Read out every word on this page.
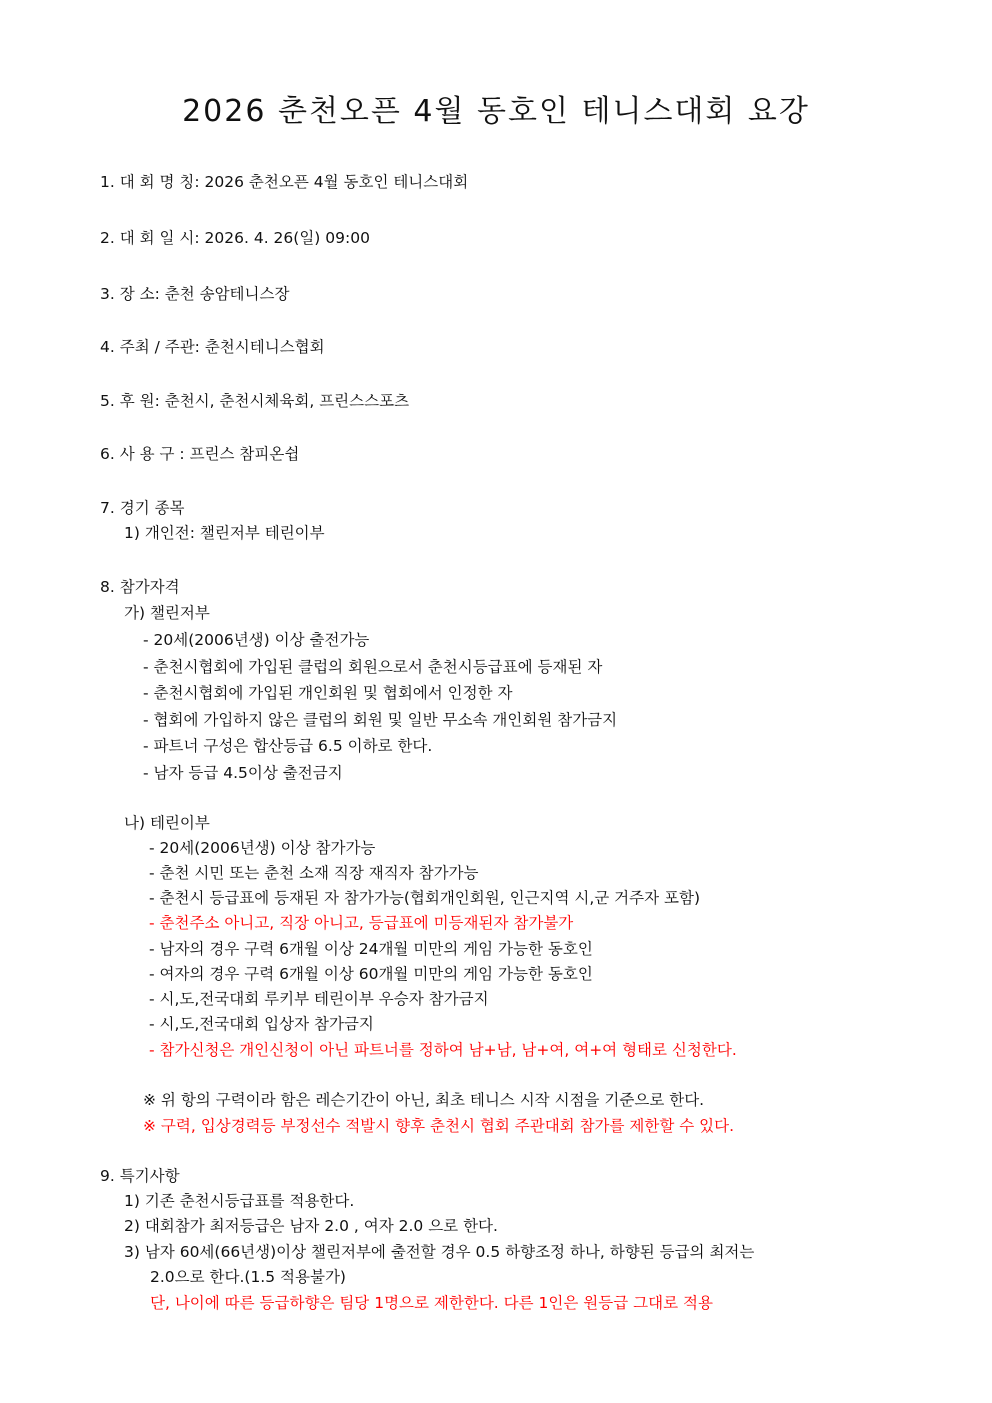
2026 춘천오픈 4월 동호인 테니스대회 요강
1. 대 회 명 칭: 2026 춘천오픈 4월 동호인 테니스대회
2. 대 회 일 시: 2026. 4. 26(일) 09:00
3. 장 소: 춘천 송암테니스장
4. 주최 / 주관: 춘천시테니스협회
5. 후 원: 춘천시, 춘천시체육회, 프린스스포츠
6. 사 용 구 : 프린스 참피온쉽
7. 경기 종목
1) 개인전: 챌린저부 테린이부
8. 참가자격
가) 챌린저부
- 20세(2006년생) 이상 출전가능
- 춘천시협회에 가입된 클럽의 회원으로서 춘천시등급표에 등재된 자
- 춘천시협회에 가입된 개인회원 및 협회에서 인정한 자
- 협회에 가입하지 않은 클럽의 회원 및 일반 무소속 개인회원 참가금지
- 파트너 구성은 합산등급 6.5 이하로 한다.
- 남자 등급 4.5이상 출전금지
나) 테린이부
- 20세(2006년생) 이상 참가가능
- 춘천 시민 또는 춘천 소재 직장 재직자 참가가능
- 춘천시 등급표에 등재된 자 참가가능(협회개인회원, 인근지역 시,군 거주자 포함)
- 춘천주소 아니고, 직장 아니고, 등급표에 미등재된자 참가불가
- 남자의 경우 구력 6개월 이상 24개월 미만의 게임 가능한 동호인
- 여자의 경우 구력 6개월 이상 60개월 미만의 게임 가능한 동호인
- 시,도,전국대회 루키부 테린이부 우승자 참가금지
- 시,도,전국대회 입상자 참가금지
- 참가신청은 개인신청이 아닌 파트너를 정하여 남+남, 남+여, 여+여 형태로 신청한다.
※ 위 항의 구력이라 함은 레슨기간이 아닌, 최초 테니스 시작 시점을 기준으로 한다.
※ 구력, 입상경력등 부정선수 적발시 향후 춘천시 협회 주관대회 참가를 제한할 수 있다.
9. 특기사항
1) 기존 춘천시등급표를 적용한다.
2) 대회참가 최저등급은 남자 2.0 , 여자 2.0 으로 한다.
3) 남자 60세(66년생)이상 챌린저부에 출전할 경우 0.5 하향조정 하나, 하향된 등급의 최저는
2.0으로 한다.(1.5 적용불가)
단, 나이에 따른 등급하향은 팀당 1명으로 제한한다. 다른 1인은 원등급 그대로 적용
